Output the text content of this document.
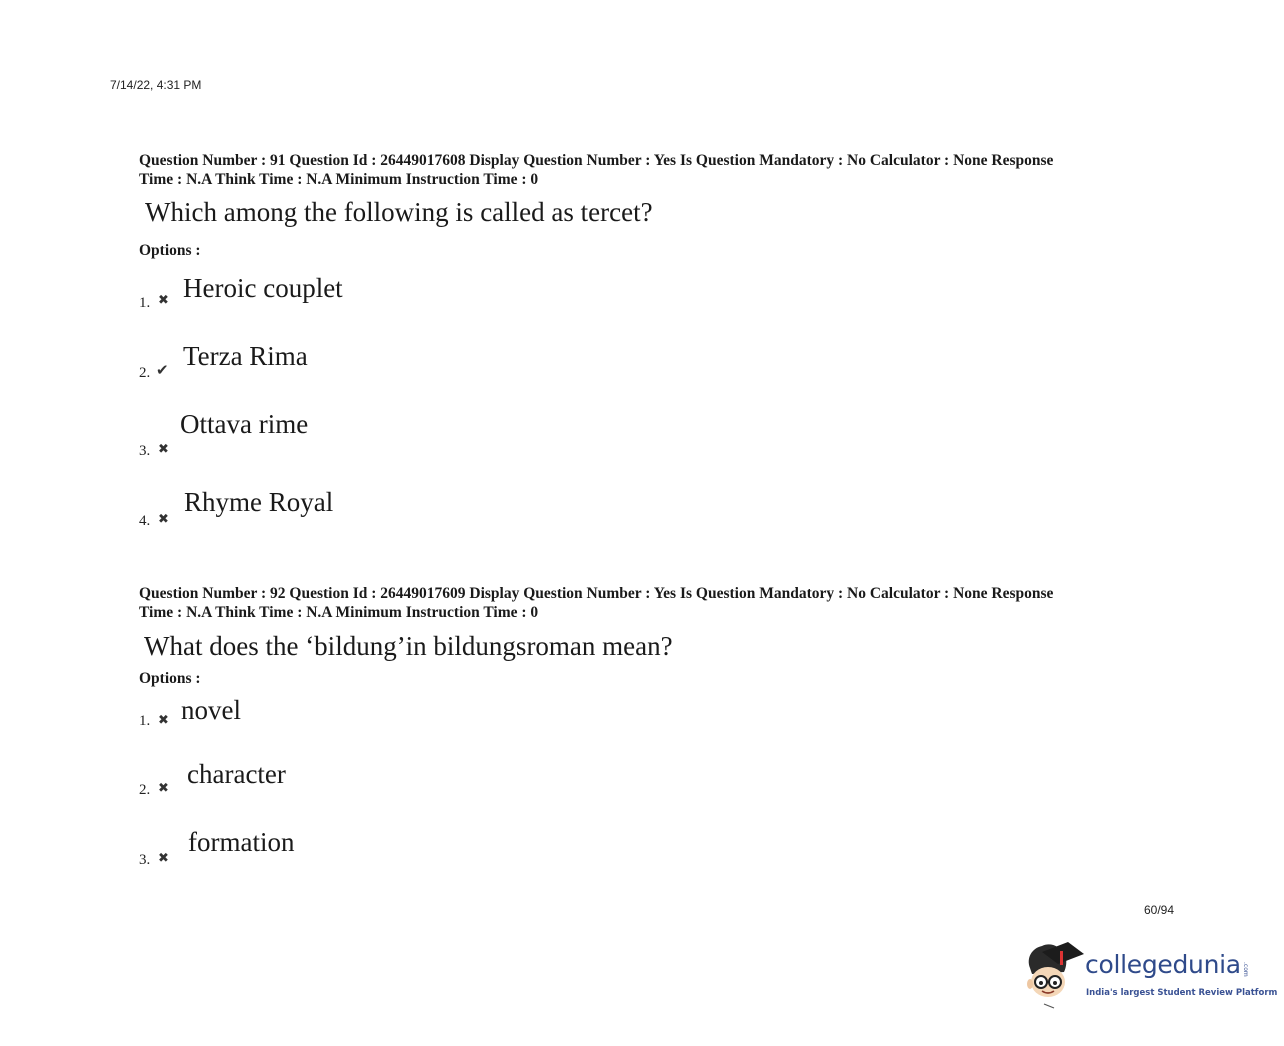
7/14/22, 4:31 PM
Question Number : 91 Question Id : 26449017608 Display Question Number : Yes Is Question Mandatory : No Calculator : None Response
Time : N.A Think Time : N.A Minimum Instruction Time : 0
Which among the following is called as tercet?
Options :
1. ✖ Heroic couplet
2. ✔ Terza Rima
3. ✖
Ottava rime
4. ✖
Rhyme Royal
Question Number : 92 Question Id : 26449017609 Display Question Number : Yes Is Question Mandatory : No Calculator : None Response
Time : N.A Think Time : N.A Minimum Instruction Time : 0
What does the ‘bildung’in bildungsroman mean?
Options :
1. ✖ novel
2. ✖ character
3. ✖
formation
60/94
collegedunia .com
India's largest Student Review Platform
